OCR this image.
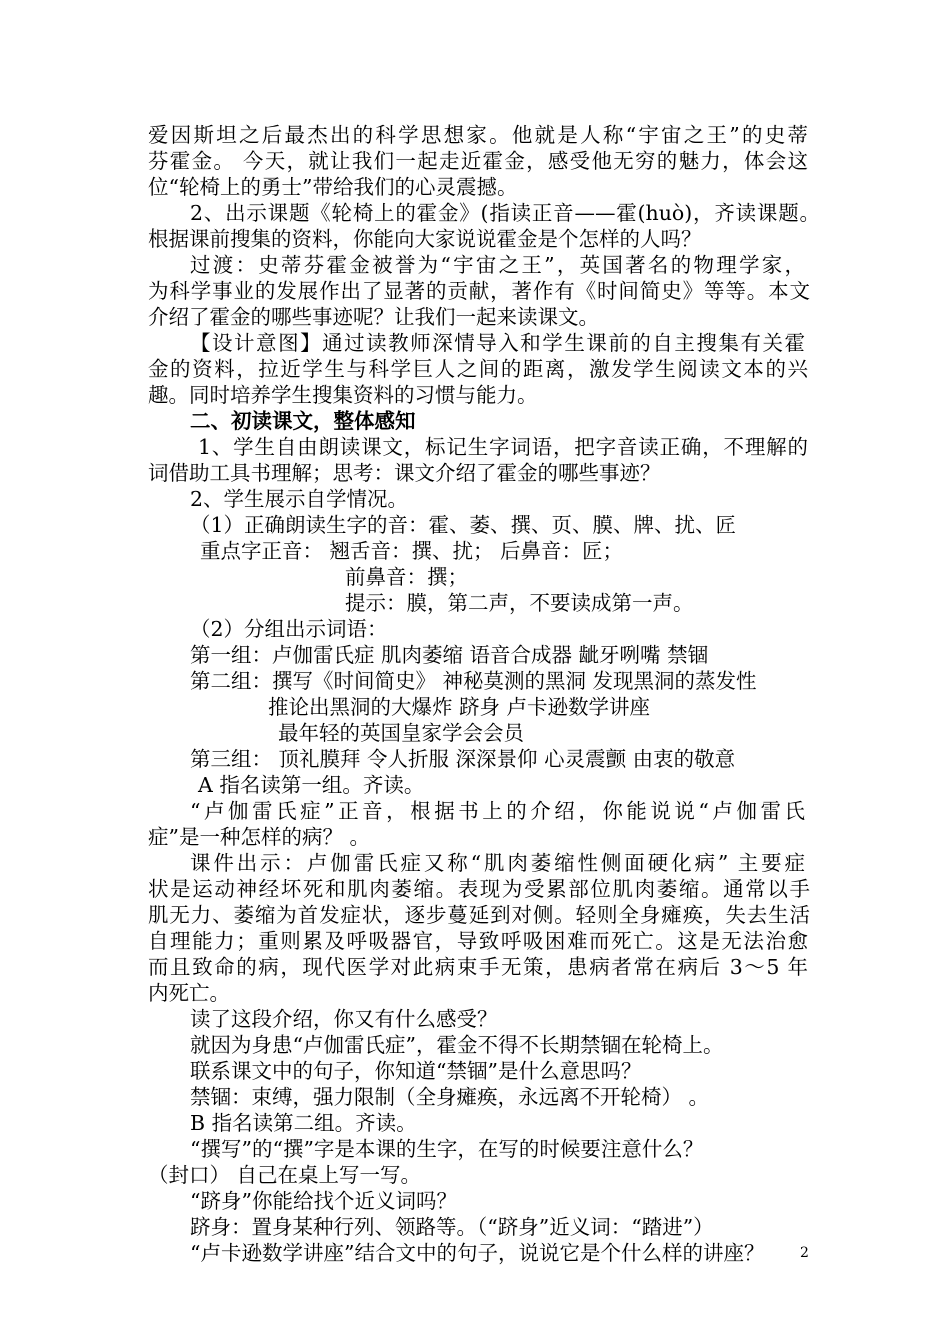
爱因斯坦之后最杰出的科学思想家。他就是人称“宇宙之王”的史蒂
芬霍金。 今天，就让我们一起走近霍金，感受他无穷的魅力，体会这
位“轮椅上的勇士”带给我们的心灵震撼。
2、出示课题《轮椅上的霍金》(指读正音——霍(huò)，齐读课题。
根据课前搜集的资料，你能向大家说说霍金是个怎样的人吗？
过渡：史蒂芬霍金被誉为“宇宙之王”，英国著名的物理学家，
为科学事业的发展作出了显著的贡献，著作有《时间简史》等等。本文
介绍了霍金的哪些事迹呢？让我们一起来读课文。
【设计意图】通过读教师深情导入和学生课前的自主搜集有关霍
金的资料，拉近学生与科学巨人之间的距离，激发学生阅读文本的兴
趣。同时培养学生搜集资料的习惯与能力。
二、初读课文，整体感知
1、学生自由朗读课文，标记生字词语，把字音读正确，不理解的
词借助工具书理解；思考：课文介绍了霍金的哪些事迹？
2、学生展示自学情况。
（1）正确朗读生字的音：霍、萎、撰、页、膜、牌、扰、匠
重点字正音： 翘舌音：撰、扰； 后鼻音：匠；
前鼻音：撰；
提示：膜，第二声，不要读成第一声。
（2）分组出示词语：
第一组：卢伽雷氏症 肌肉萎缩 语音合成器 龇牙咧嘴 禁锢
第二组：撰写《时间简史》 神秘莫测的黑洞 发现黑洞的蒸发性
推论出黑洞的大爆炸 跻身 卢卡逊数学讲座
最年轻的英国皇家学会会员
第三组： 顶礼膜拜 令人折服 深深景仰 心灵震颤 由衷的敬意
A 指名读第一组。齐读。
“卢伽雷氏症”正音，根据书上的介绍，你能说说“卢伽雷氏
症”是一种怎样的病？ 。
课件出示：卢伽雷氏症又称“肌肉萎缩性侧面硬化病” 主要症
状是运动神经坏死和肌肉萎缩。表现为受累部位肌肉萎缩。通常以手
肌无力、萎缩为首发症状，逐步蔓延到对侧。轻则全身瘫痪，失去生活
自理能力；重则累及呼吸器官，导致呼吸困难而死亡。这是无法治愈
而且致命的病，现代医学对此病束手无策，患病者常在病后 3～5 年
内死亡。
读了这段介绍，你又有什么感受？
就因为身患“卢伽雷氏症”，霍金不得不长期禁锢在轮椅上。
联系课文中的句子，你知道“禁锢”是什么意思吗？
禁锢：束缚，强力限制（全身瘫痪，永远离不开轮椅） 。
B 指名读第二组。齐读。
“撰写”的“撰”字是本课的生字，在写的时候要注意什么？
（封口） 自己在桌上写一写。
“跻身”你能给找个近义词吗？
跻身：置身某种行列、领路等。（“跻身”近义词：“踏进”）
“卢卡逊数学讲座”结合文中的句子，说说它是个什么样的讲座？	2
